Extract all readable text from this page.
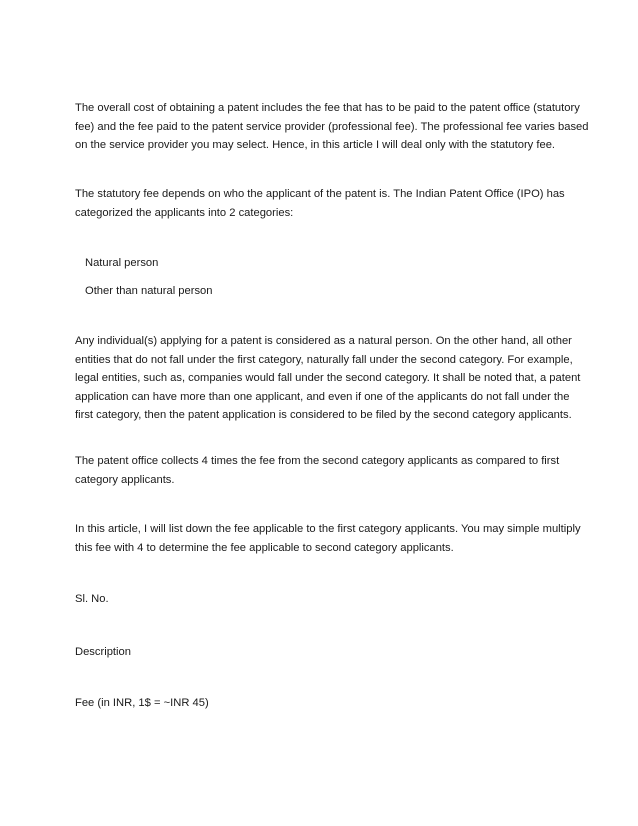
The overall cost of obtaining a patent includes the fee that has to be paid to the patent office (statutory
fee) and the fee paid to the patent service provider (professional fee). The professional fee varies based
on the service provider you may select. Hence, in this article I will deal only with the statutory fee.

The statutory fee depends on who the applicant of the patent is. The Indian Patent Office (IPO) has
categorized the applicants into 2 categories:

Natural person

Other than natural person

Any individual(s) applying for a patent is considered as a natural person. On the other hand, all other
entities that do not fall under the first category, naturally fall under the second category. For example,
legal entities, such as, companies would fall under the second category. It shall be noted that, a patent
application can have more than one applicant, and even if one of the applicants do not fall under the
first category, then the patent application is considered to be filed by the second category applicants.

The patent office collects 4 times the fee from the second category applicants as compared to first
category applicants.

In this article, I will list down the fee applicable to the first category applicants. You may simple multiply
this fee with 4 to determine the fee applicable to second category applicants.

Sl. No.

Description

Fee (in INR, 1$ = ~INR 45)
